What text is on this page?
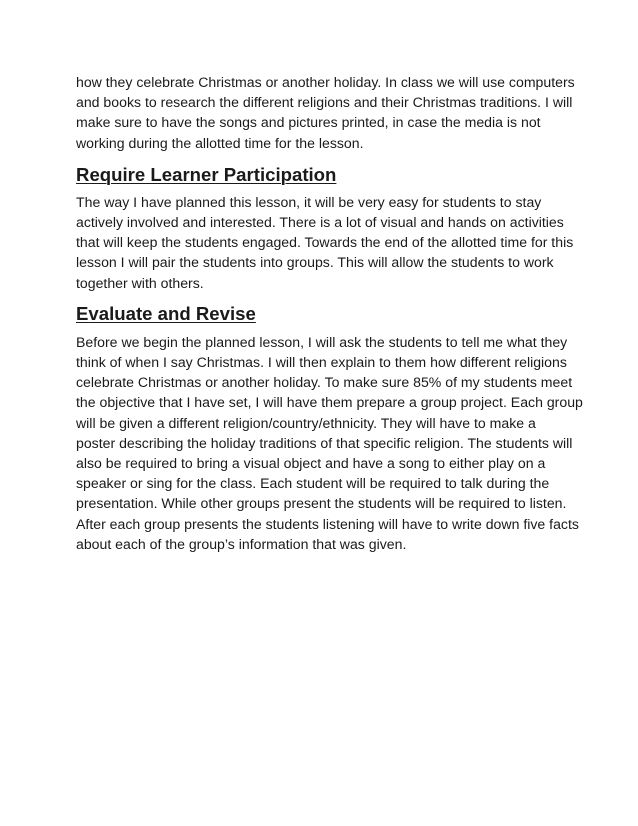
how they celebrate Christmas or another holiday. In class we will use computers
and books to research the different religions and their Christmas traditions. I will
make sure to have the songs and pictures printed, in case the media is not
working during the allotted time for the lesson.

Require Learner Participation

The way I have planned this lesson, it will be very easy for students to stay
actively involved and interested. There is a lot of visual and hands on activities
that will keep the students engaged. Towards the end of the allotted time for this
lesson I will pair the students into groups. This will allow the students to work
together with others.

Evaluate and Revise

Before we begin the planned lesson, I will ask the students to tell me what they
think of when I say Christmas. I will then explain to them how different religions
celebrate Christmas or another holiday. To make sure 85% of my students meet
the objective that I have set, I will have them prepare a group project. Each group
will be given a different religion/country/ethnicity. They will have to make a
poster describing the holiday traditions of that specific religion. The students will
also be required to bring a visual object and have a song to either play on a
speaker or sing for the class. Each student will be required to talk during the
presentation. While other groups present the students will be required to listen.
After each group presents the students listening will have to write down five facts
about each of the group’s information that was given.
